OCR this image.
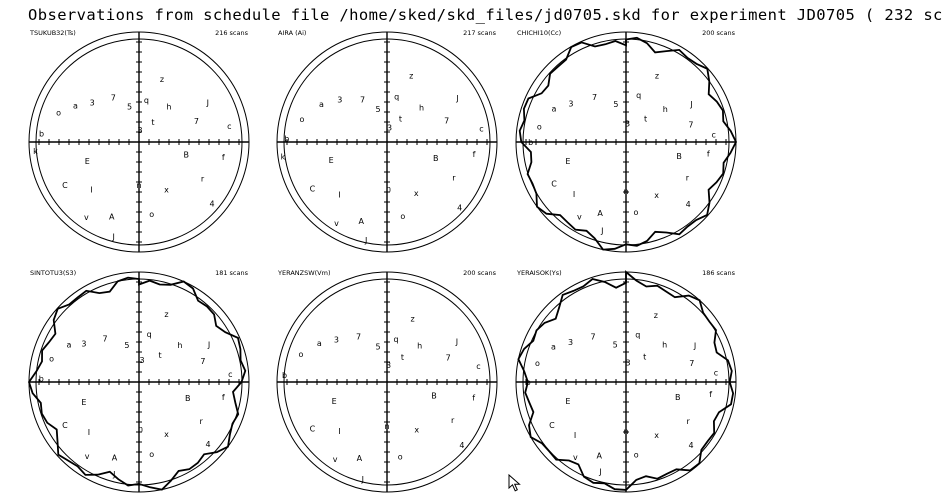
Observations from schedule file /home/sked/skd_files/jd0705.skd for experiment JD0705 ( 232 sc
TSUKUB32(Ts)	216 scans
3
t
h
7
3
a
o
b
7
c
J
z
r
x
o
A
I
C
E
J
v
B	f
4
5
q
n
k
AIRA (Ai)	217 scans
3
t
h
7
3
a
o
b
7
c
J
z
r
x
o
A
I
C
E
J
v
B	f
4
5
q
n
k
CHICHI10(Cc)	200 scans
3
t
h
7
3
a
o
b
7
c
J
z
r
x
o
A
I
C
E
J
v
B	f
4
5
q
n
SINTOTU3(S3)	181 scans
3
t
h
7
3
a
o
b
7
c
J
z
r
x
o
A
I
C
E
J
v
B	f
4
5
q
n
YERANZSW(Vm)	200 scans
3
t
h
7
3
a
o
b
7
c
J
z
r
x
o
A
I
C
E
J
v
B	f
4
5
q
n
YERAISOK(Ys)	186 scans
3
t
h
7
3
a
o
b
7
c
J
z
r
x
o
A
I
C
E
J
v
B	f
4
5
q
n
